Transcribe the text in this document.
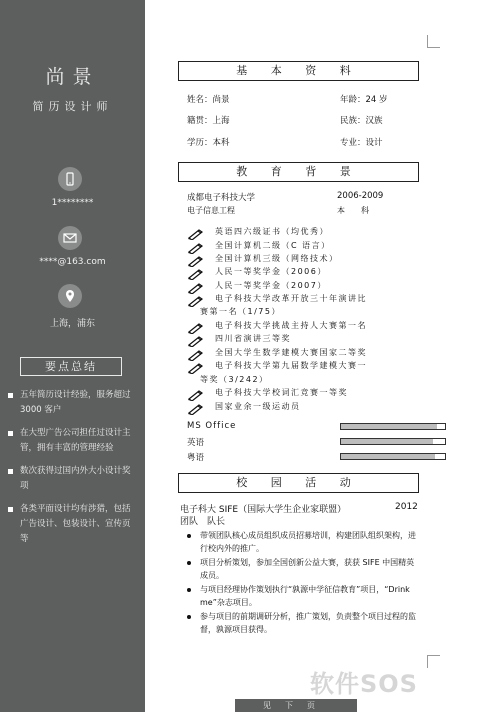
尚景
简历设计师
1********
****@163.com
上海，浦东
要点总结
五年简历设计经验，服务超过 3000 客户
在大型广告公司担任过设计主管，拥有丰富的管理经验
数次获得过国内外大小设计奖项
各类平面设计均有涉猎，包括广告设计、包装设计、宣传页等
基 本 资 料
姓名：尚景	年龄：24 岁
籍贯：上海	民族：汉族
学历：本科	专业：设计
教 育 背 景
成都电子科技大学	2006-2009
电子信息工程	本　　科
英语四六级证书（均优秀）
全国计算机二级（C 语言）
全国计算机三级（网络技术）
人民一等奖学金（2006）
人民一等奖学金（2007）
电子科技大学改革开放三十年演讲比
赛第一名（1/75）
电子科技大学挑战主持人大赛第一名
四川省演讲三等奖
全国大学生数学建模大赛国家二等奖
电子科技大学第九届数学建模大赛一
等奖（3/242）
电子科技大学校词汇竞赛一等奖
国家业余一级运动员
MS Office
英语
粤语
校 园 活 动
电子科大 SIFE（国际大学生企业家联盟）	2012
团队　队长
带领团队核心成员组织成员招募培训，构建团队组织架构，进行校内外的推广。
项目分析策划，参加全国创新公益大赛，获获 SIFE 中国精英成员。
与项目经理协作策划执行“孰源中学征信教育”项目，“Drink me”杂志项目。
参与项目的前期调研分析，推广策划，负责整个项目过程的监督，孰源项目获得。
见下页
软件SOS
